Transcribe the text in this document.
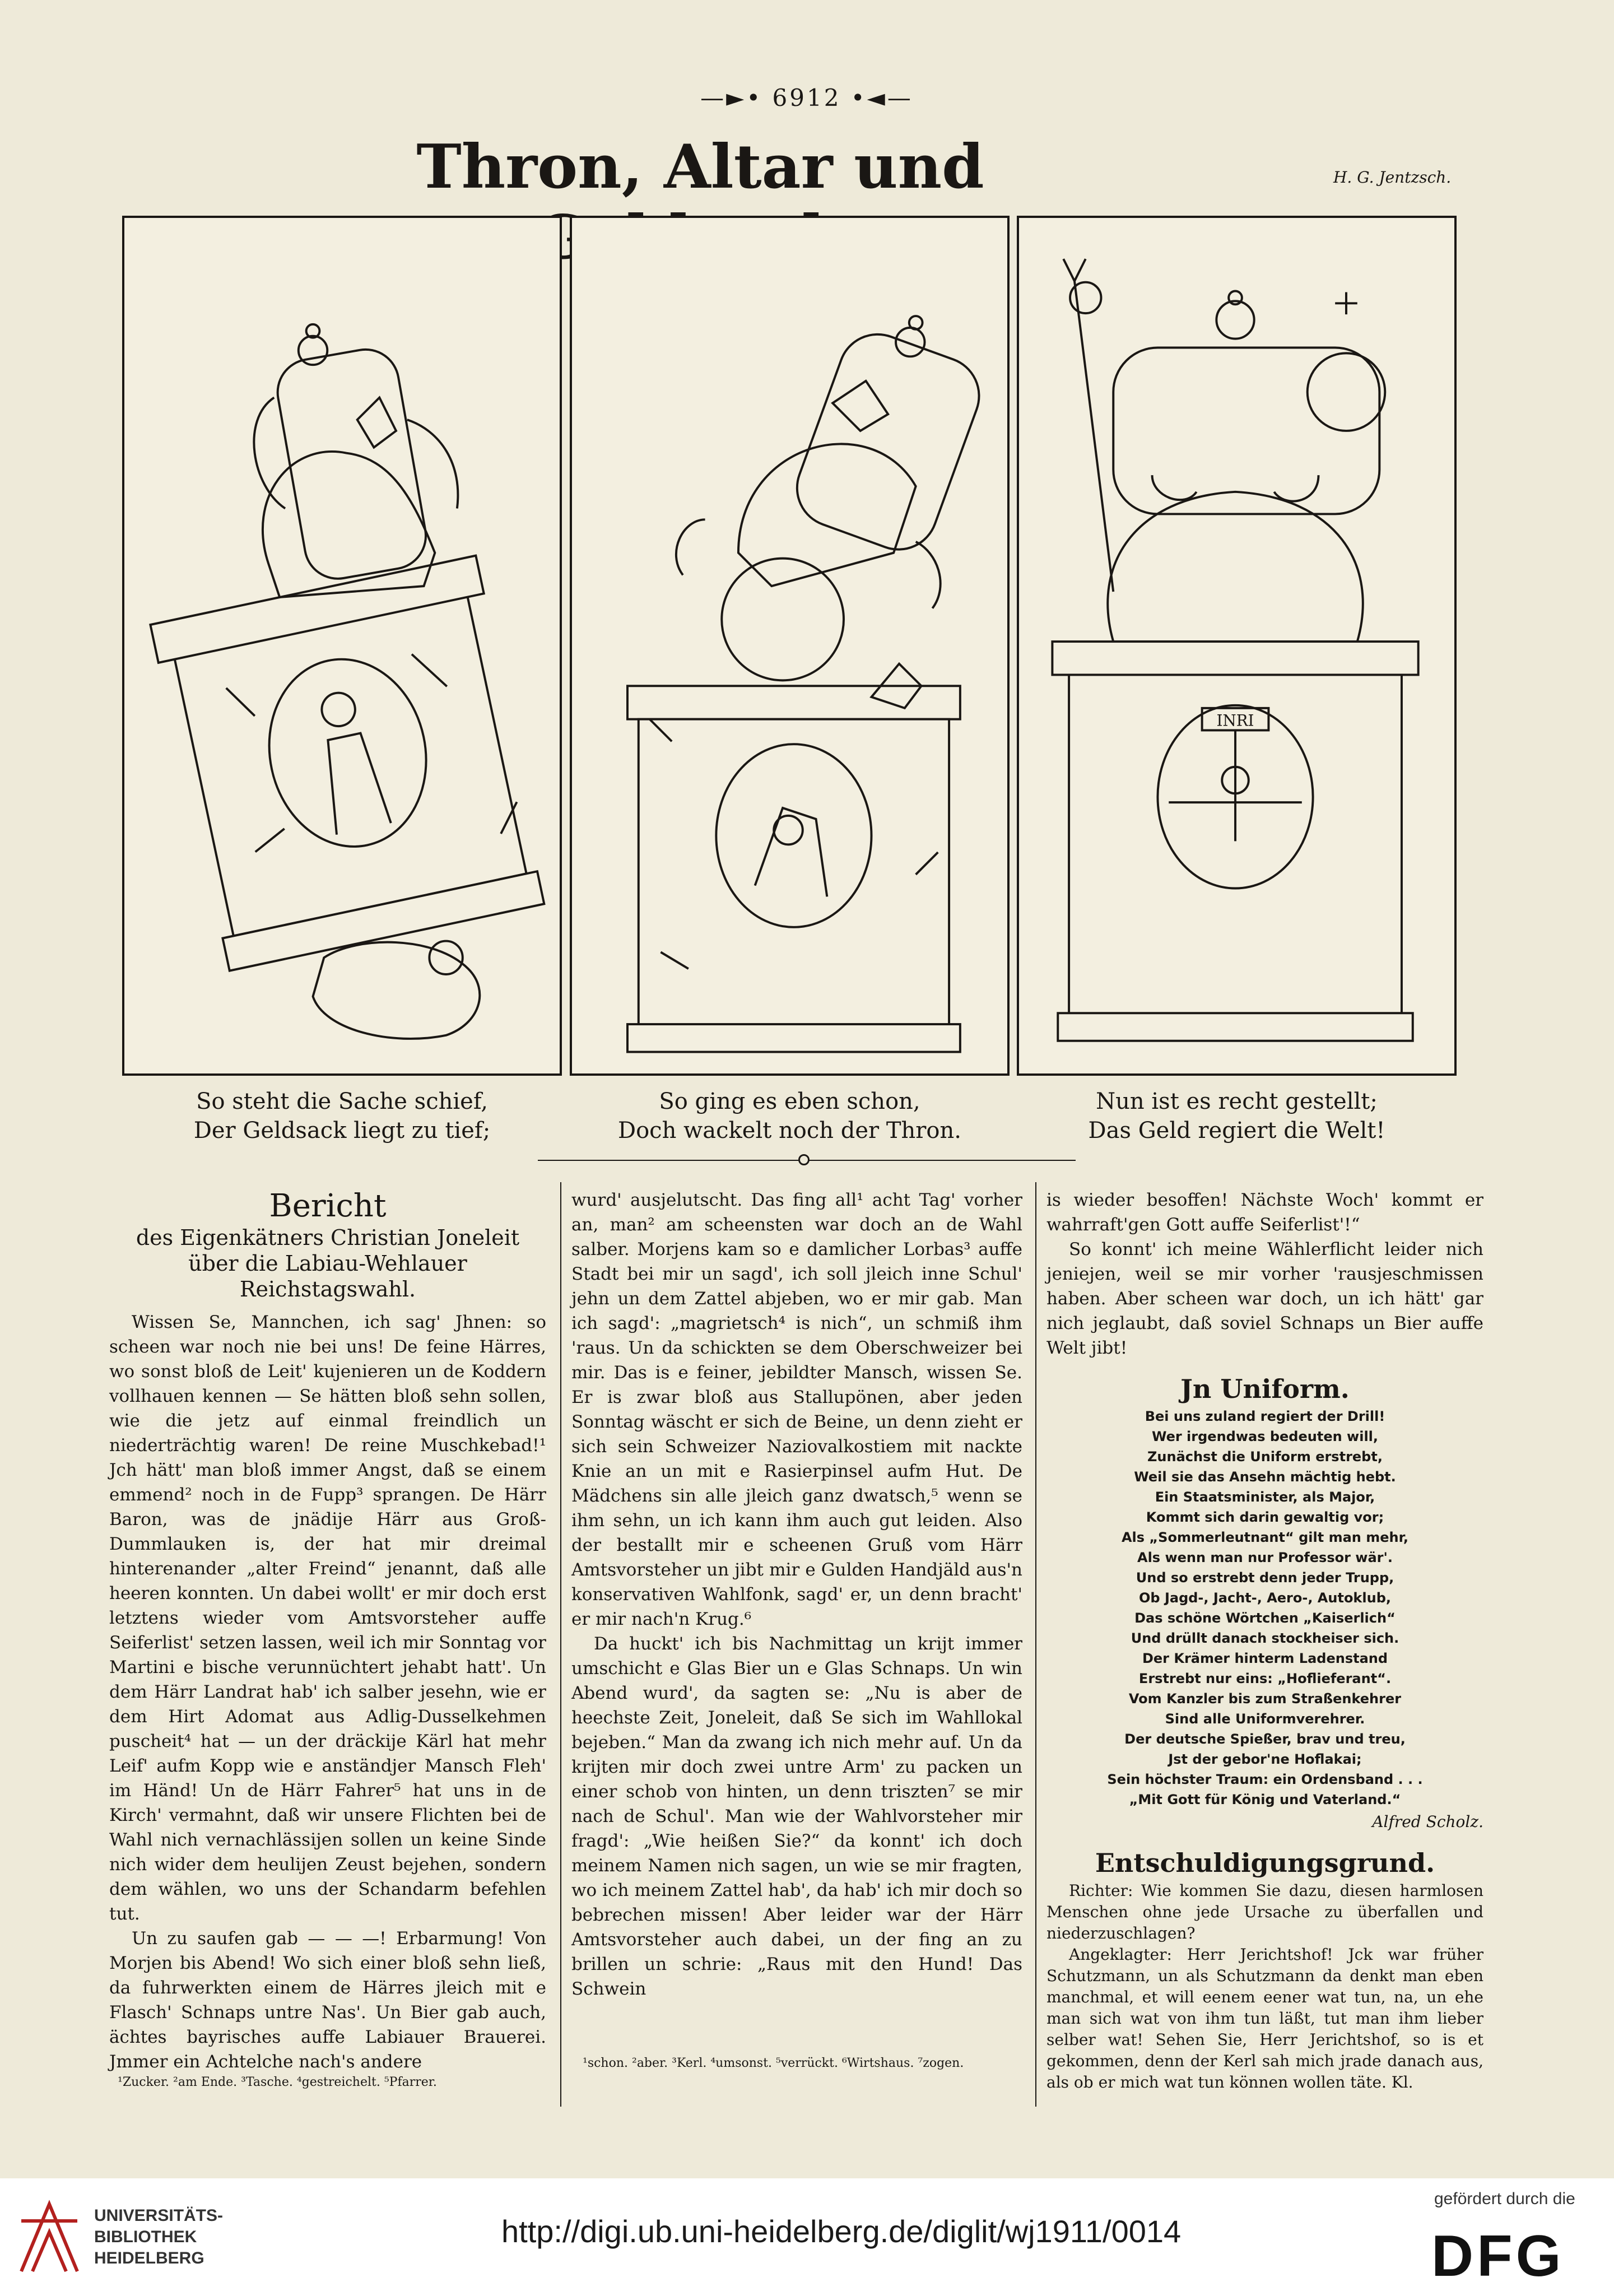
—►• 6912 •◄—
Thron, Altar und	H. G. Jentzsch.
INRI
So steht die Sache schief,
Der Geldsack liegt zu tief;
So ging es eben schon,
Doch wackelt noch der Thron.
Nun ist es recht gestellt;
Das Geld regiert die Welt!

Bericht

des Eigenkätners Christian Joneleit über die Labiau-Wehlauer Reichstagswahl.

Wissen Se, Mannchen, ich sag' Jhnen: so scheen war noch nie bei uns! De feine Härres, wo sonst bloß de Leit' kujenieren un de Koddern vollhauen kennen — Se hätten bloß sehn sollen, wie die jetz auf einmal freindlich un niederträchtig waren! De reine Muschkebad!¹ Jch hätt' man bloß immer Angst, daß se einem emmend² noch in de Fupp³ sprangen. De Härr Baron, was de jnädije Härr aus Groß-Dummlauken is, der hat mir dreimal hinterenander „alter Freind“ jenannt, daß alle heeren konnten. Un dabei wollt' er mir doch erst letztens wieder vom Amtsvorsteher auffe Seiferlist' setzen lassen, weil ich mir Sonntag vor Martini e bische verunnüchtert jehabt hatt'. Un dem Härr Landrat hab' ich salber jesehn, wie er dem Hirt Adomat aus Adlig-Dusselkehmen puscheit⁴ hat — un der dräckije Kärl hat mehr Leif' aufm Kopp wie e anständjer Mansch Fleh' im Händ! Un de Härr Fahrer⁵ hat uns in de Kirch' vermahnt, daß wir unsere Flichten bei de Wahl nich vernachlässijen sollen un keine Sinde nich wider dem heulijen Zeust bejehen, sondern dem wählen, wo uns der Schandarm befehlen tut.

Un zu saufen gab — — —! Erbarmung! Von Morjen bis Abend! Wo sich einer bloß sehn ließ, da fuhrwerkten einem de Härres jleich mit e Flasch' Schnaps untre Nas'. Un Bier gab auch, ächtes bayrisches auffe Labiauer Brauerei. Jmmer ein Achtelche nach's andere

¹Zucker. ²am Ende. ³Tasche. ⁴gestreichelt. ⁵Pfarrer.

wurd' ausjelutscht. Das fing all¹ acht Tag' vorher an, man² am scheensten war doch an de Wahl salber. Morjens kam so e damlicher Lorbas³ auffe Stadt bei mir un sagd', ich soll jleich inne Schul' jehn un dem Zattel abjeben, wo er mir gab. Man ich sagd': „magrietsch⁴ is nich“, un schmiß ihm 'raus. Un da schickten se dem Oberschweizer bei mir. Das is e feiner, jebildter Mansch, wissen Se. Er is zwar bloß aus Stallupönen, aber jeden Sonntag wäscht er sich de Beine, un denn zieht er sich sein Schweizer Naziovalkostiem mit nackte Knie an un mit e Rasierpinsel aufm Hut. De Mädchens sin alle jleich ganz dwatsch,⁵ wenn se ihm sehn, un ich kann ihm auch gut leiden. Also der bestallt mir e scheenen Gruß vom Härr Amtsvorsteher un jibt mir e Gulden Handjäld aus'n konservativen Wahlfonk, sagd' er, un denn bracht' er mir nach'n Krug.⁶

Da huckt' ich bis Nachmittag un krijt immer umschicht e Glas Bier un e Glas Schnaps. Un win Abend wurd', da sagten se: „Nu is aber de heechste Zeit, Joneleit, daß Se sich im Wahllokal bejeben.“ Man da zwang ich nich mehr auf. Un da krijten mir doch zwei untre Arm' zu packen un einer schob von hinten, un denn triszten⁷ se mir nach de Schul'. Man wie der Wahlvorsteher mir fragd': „Wie heißen Sie?“ da konnt' ich doch meinem Namen nich sagen, un wie se mir fragten, wo ich meinem Zattel hab', da hab' ich mir doch so bebrechen missen! Aber leider war der Härr Amtsvorsteher auch dabei, un der fing an zu brillen un schrie: „Raus mit den Hund! Das Schwein

¹schon. ²aber. ³Kerl. ⁴umsonst. ⁵verrückt. ⁶Wirtshaus. ⁷zogen.

is wieder besoffen! Nächste Woch' kommt er wahrraft'gen Gott auffe Seiferlist'!“

So konnt' ich meine Wählerflicht leider nich jeniejen, weil se mir vorher 'rausjeschmissen haben. Aber scheen war doch, un ich hätt' gar nich jeglaubt, daß soviel Schnaps un Bier auffe Welt jibt!

Jn Uniform.

Bei uns zuland regiert der Drill!
Wer irgendwas bedeuten will,
Zunächst die Uniform erstrebt,
Weil sie das Ansehn mächtig hebt.
Ein Staatsminister, als Major,
Kommt sich darin gewaltig vor;
Als „Sommerleutnant“ gilt man mehr,
Als wenn man nur Professor wär'.
Und so erstrebt denn jeder Trupp,
Ob Jagd-, Jacht-, Aero-, Autoklub,
Das schöne Wörtchen „Kaiserlich“
Und drüllt danach stockheiser sich.
Der Krämer hinterm Ladenstand
Erstrebt nur eins: „Hoflieferant“.
Vom Kanzler bis zum Straßenkehrer
Sind alle Uniformverehrer.
Der deutsche Spießer, brav und treu,
Jst der gebor'ne Hoflakai;
Sein höchster Traum: ein Ordensband . . .
„Mit Gott für König und Vaterland.“
Alfred Scholz.

Entschuldigungsgrund.

Richter: Wie kommen Sie dazu, diesen harmlosen Menschen ohne jede Ursache zu überfallen und niederzuschlagen?

Angeklagter: Herr Jerichtshof! Jck war früher Schutzmann, un als Schutzmann da denkt man eben manchmal, et will eenem eener wat tun, na, un ehe man sich wat von ihm tun läßt, tut man ihm lieber selber wat! Sehen Sie, Herr Jerichtshof, so is et gekommen, denn der Kerl sah mich jrade danach aus, als ob er mich wat tun können wollen täte. Kl.

UNIVERSITÄTS-
BIBLIOTHEK
HEIDELBERG
http://digi.ub.uni-heidelberg.de/diglit/wj1911/0014
gefördert durch die
DFG
